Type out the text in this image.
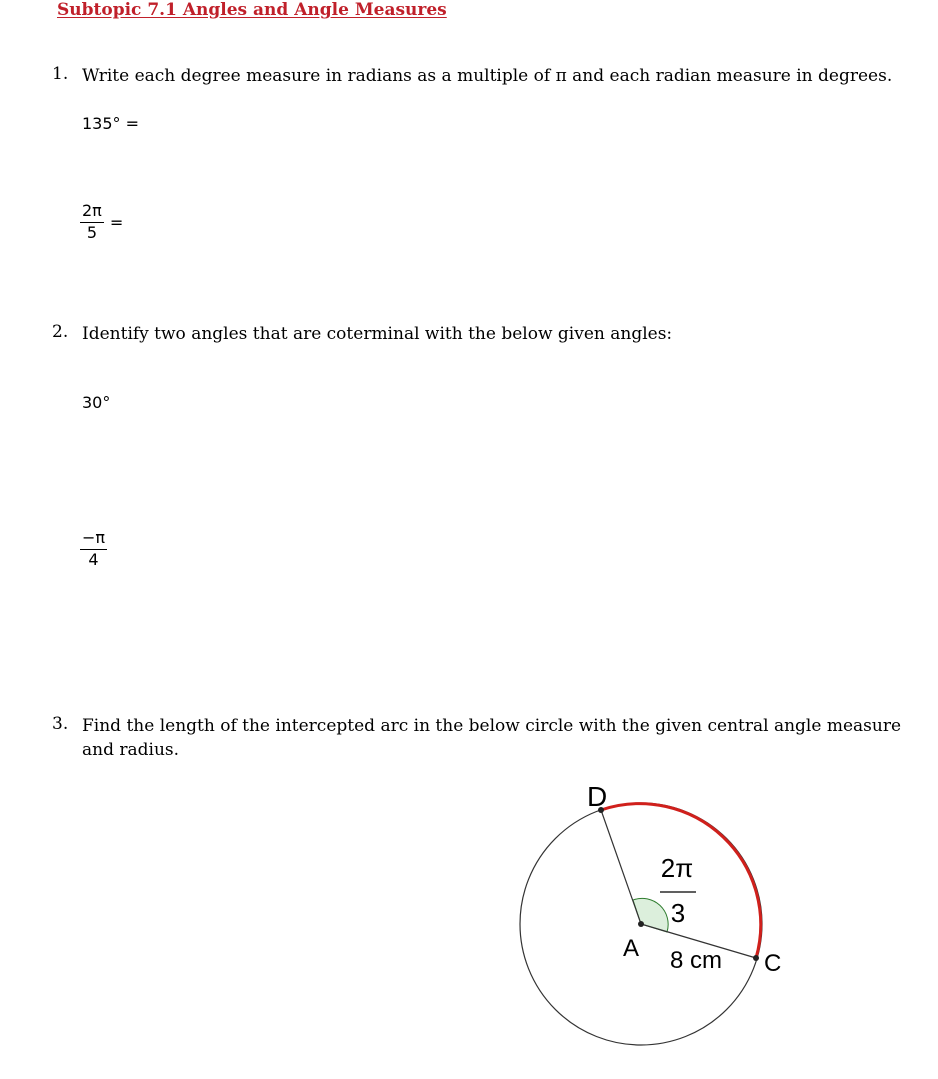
Subtopic 7.1 Angles and Angle Measures
1. Write each degree measure in radians as a multiple of π and each radian measure in degrees.
135° =
$\frac{2\pi}{5}$ =
2. Identify two angles that are coterminal with the below given angles:
30°
$\frac{-\pi}{4}$
3. Find the length of the intercepted arc in the below circle with the given central angle measure
and radius.
D
A
C
2π
3
8 cm
